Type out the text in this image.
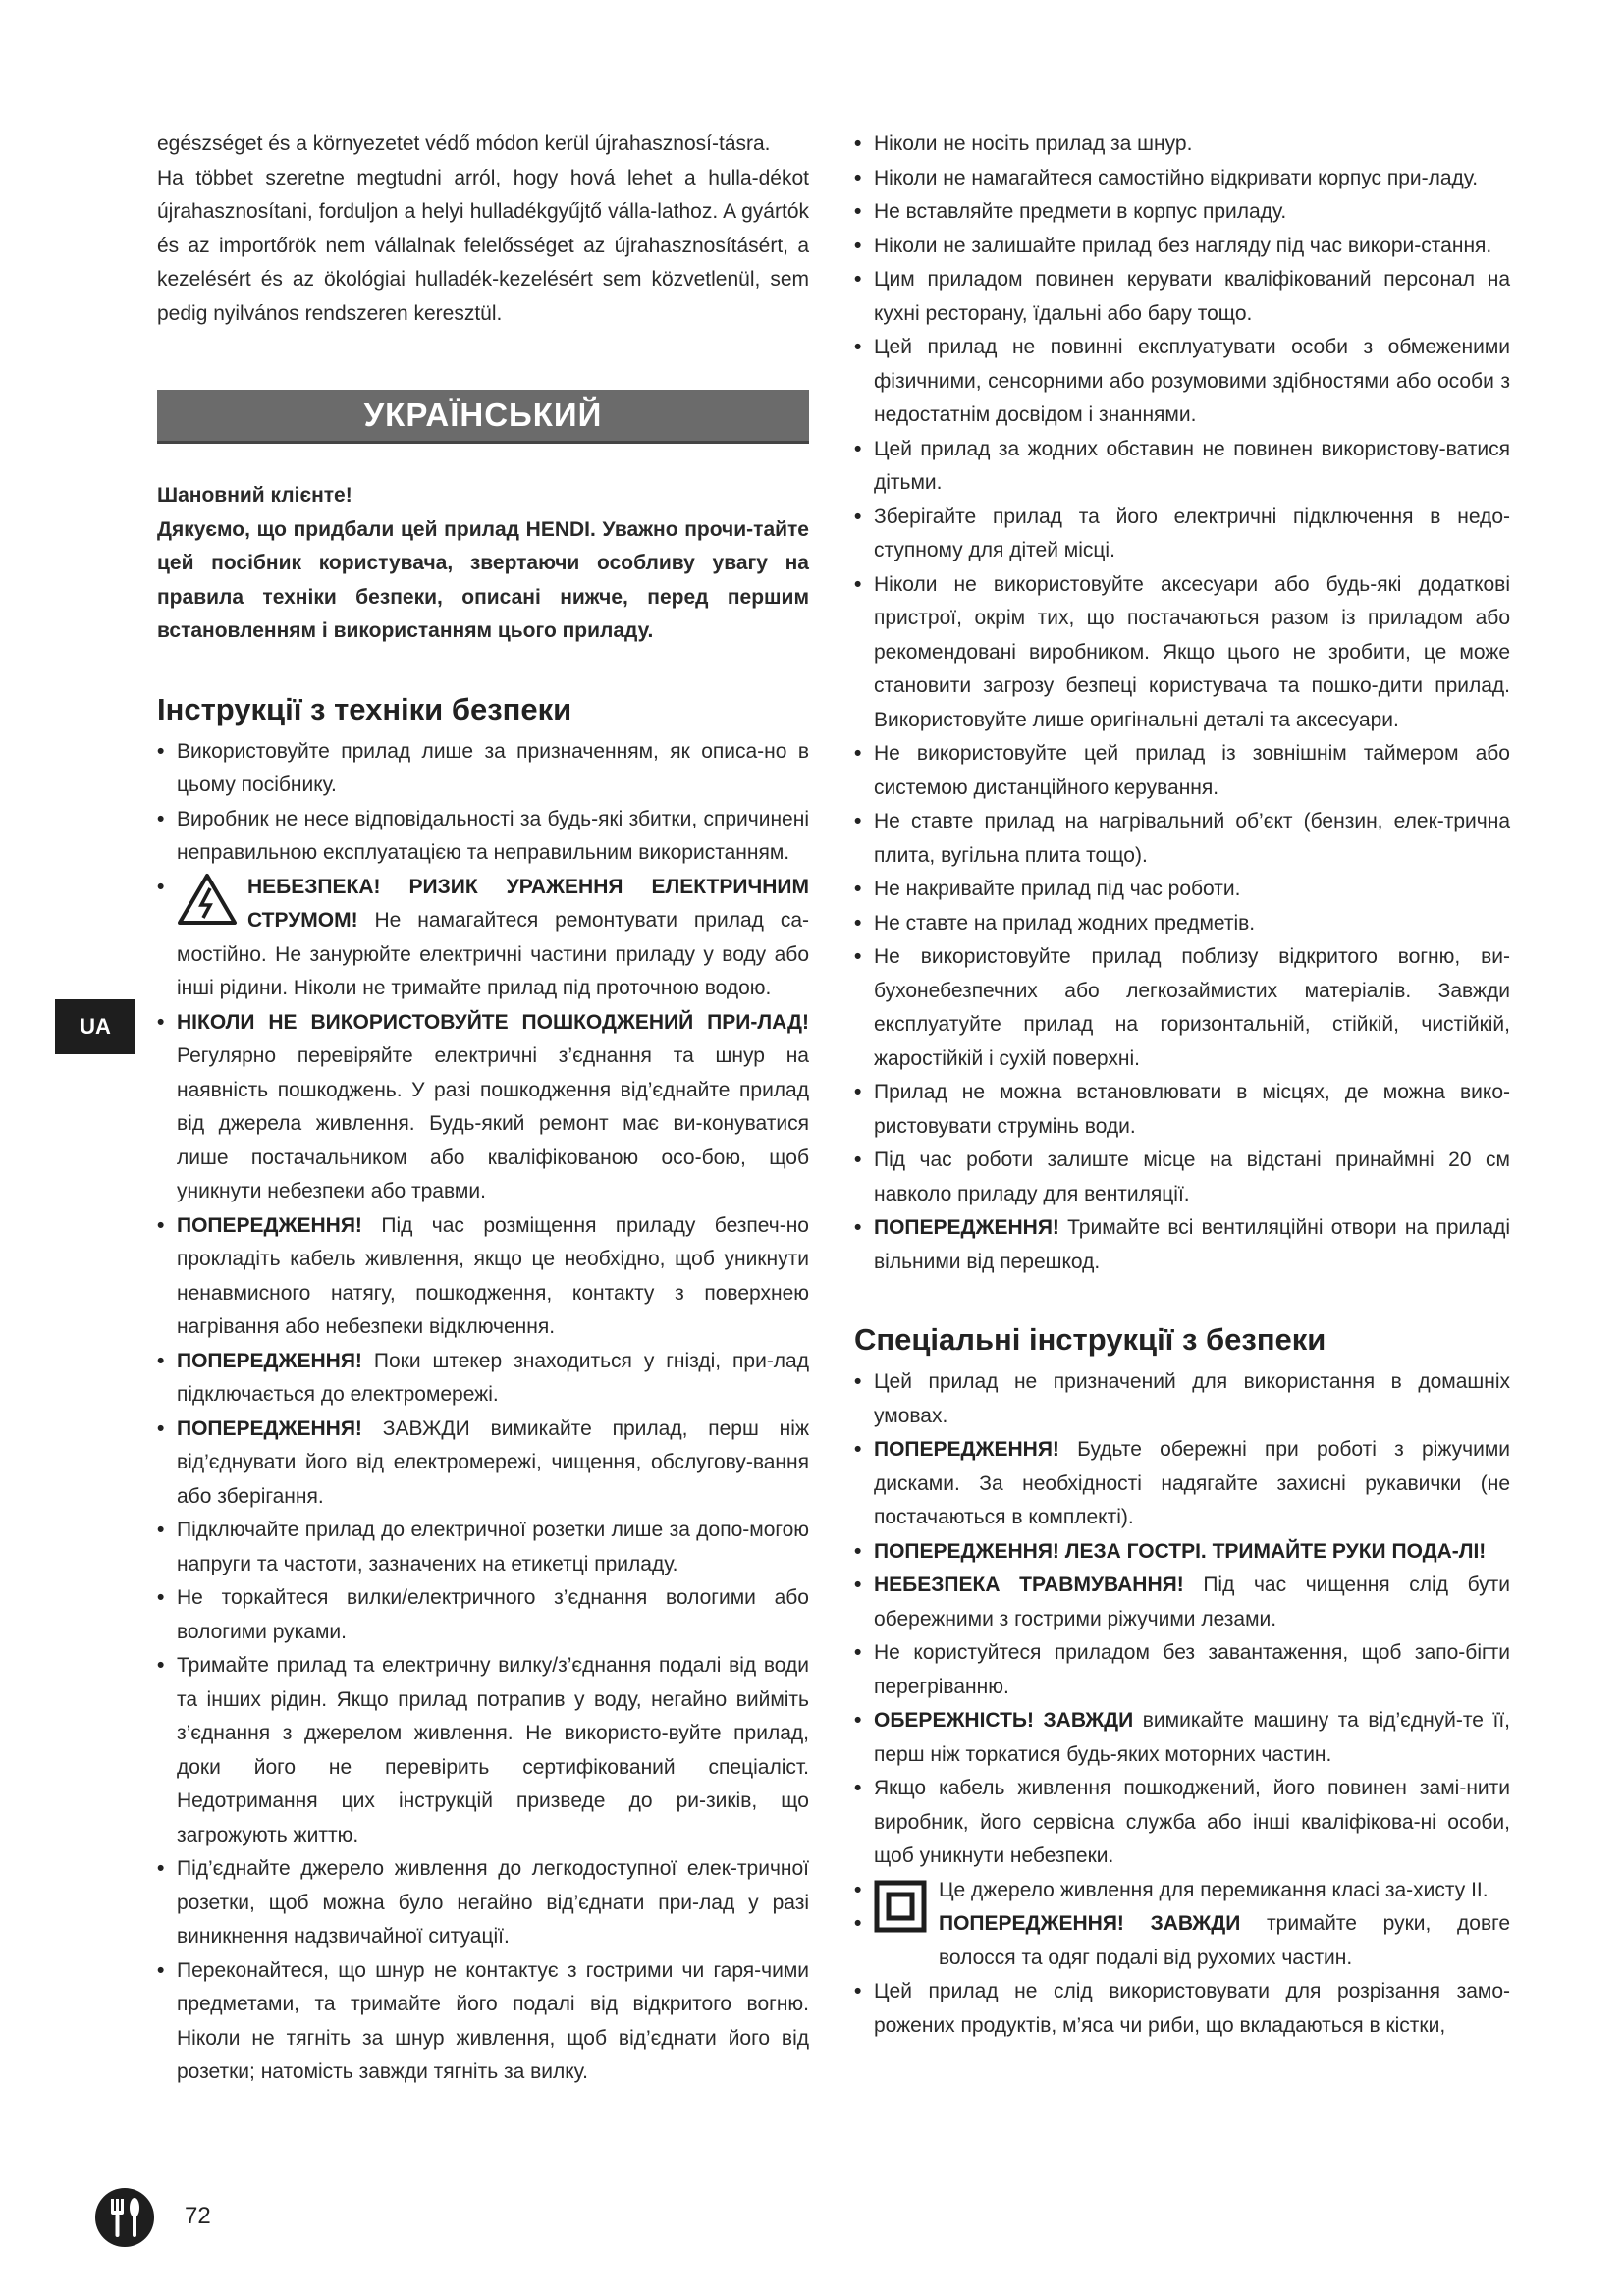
egészséget és a környezetet védő módon kerül újrahasznosí-tásra.

Ha többet szeretne megtudni arról, hogy hová lehet a hulla-dékot újrahasznosítani, forduljon a helyi hulladékgyűjtő válla-lathoz. A gyártók és az importőrök nem vállalnak felelősséget az újrahasznosításért, a kezelésért és az ökológiai hulladék-kezelésért sem közvetlenül, sem pedig nyilvános rendszeren keresztül.

УКРАЇНСЬКИЙ

Шановний клієнте!

Дякуємо, що придбали цей прилад HENDI. Уважно прочи-тайте цей посібник користувача, звертаючи особливу увагу на правила техніки безпеки, описані нижче, перед першим встановленням і використанням цього приладу.

Інструкції з техніки безпеки
• Використовуйте прилад лише за призначенням, як описа-но в цьому посібнику.
• Виробник не несе відповідальності за будь-які збитки, спричинені неправильною експлуатацією та неправильним використанням.
• НЕБЕЗПЕКА! РИЗИК УРАЖЕННЯ ЕЛЕКТРИЧНИМ СТРУМОМ! Не намагайтеся ремонтувати прилад са-мостійно. Не занурюйте електричні частини приладу у воду або інші рідини. Ніколи не тримайте прилад під проточною водою.
• НІКОЛИ НЕ ВИКОРИСТОВУЙТЕ ПОШКОДЖЕНИЙ ПРИ-ЛАД! Регулярно перевіряйте електричні з’єднання та шнур на наявність пошкоджень. У разі пошкодження від’єднайте прилад від джерела живлення. Будь-який ремонт має ви-конуватися лише постачальником або кваліфікованою осо-бою, щоб уникнути небезпеки або травми.
• ПОПЕРЕДЖЕННЯ! Під час розміщення приладу безпеч-но прокладіть кабель живлення, якщо це необхідно, щоб уникнути ненавмисного натягу, пошкодження, контакту з поверхнею нагрівання або небезпеки відключення.
• ПОПЕРЕДЖЕННЯ! Поки штекер знаходиться у гнізді, при-лад підключається до електромережі.
• ПОПЕРЕДЖЕННЯ! ЗАВЖДИ вимикайте прилад, перш ніж від’єднувати його від електромережі, чищення, обслугову-вання або зберігання.
• Підключайте прилад до електричної розетки лише за допо-могою напруги та частоти, зазначених на етикетці приладу.
• Не торкайтеся вилки/електричного з’єднання вологими або вологими руками.
• Тримайте прилад та електричну вилку/з’єднання подалі від води та інших рідин. Якщо прилад потрапив у воду, негайно вийміть з’єднання з джерелом живлення. Не використо-вуйте прилад, доки його не перевірить сертифікований спеціаліст. Недотримання цих інструкцій призведе до ри-зиків, що загрожують життю.
• Під’єднайте джерело живлення до легкодоступної елек-тричної розетки, щоб можна було негайно від’єднати при-лад у разі виникнення надзвичайної ситуації.
• Переконайтеся, що шнур не контактує з гострими чи гаря-чими предметами, та тримайте його подалі від відкритого вогню. Ніколи не тягніть за шнур живлення, щоб від’єднати його від розетки; натомість завжди тягніть за вилку.
• Ніколи не носіть прилад за шнур.
• Ніколи не намагайтеся самостійно відкривати корпус при-ладу.
• Не вставляйте предмети в корпус приладу.
• Ніколи не залишайте прилад без нагляду під час викори-стання.
• Цим приладом повинен керувати кваліфікований персонал на кухні ресторану, їдальні або бару тощо.
• Цей прилад не повинні експлуатувати особи з обмеженими фізичними, сенсорними або розумовими здібностями або особи з недостатнім досвідом і знаннями.
• Цей прилад за жодних обставин не повинен використову-ватися дітьми.
• Зберігайте прилад та його електричні підключення в недо-ступному для дітей місці.
• Ніколи не використовуйте аксесуари або будь-які додаткові пристрої, окрім тих, що постачаються разом із приладом або рекомендовані виробником. Якщо цього не зробити, це може становити загрозу безпеці користувача та пошко-дити прилад. Використовуйте лише оригінальні деталі та аксесуари.
• Не використовуйте цей прилад із зовнішнім таймером або системою дистанційного керування.
• Не ставте прилад на нагрівальний об’єкт (бензин, елек-трична плита, вугільна плита тощо).
• Не накривайте прилад під час роботи.
• Не ставте на прилад жодних предметів.
• Не використовуйте прилад поблизу відкритого вогню, ви-бухонебезпечних або легкозаймистих матеріалів. Завжди експлуатуйте прилад на горизонтальній, стійкій, чистійкій, жаростійкій і сухій поверхні.
• Прилад не можна встановлювати в місцях, де можна вико-ристовувати струмінь води.
• Під час роботи залиште місце на відстані принаймні 20 см навколо приладу для вентиляції.
• ПОПЕРЕДЖЕННЯ! Тримайте всі вентиляційні отвори на приладі вільними від перешкод.
Спеціальні інструкції з безпеки
• Цей прилад не призначений для використання в домашніх умовах.
• ПОПЕРЕДЖЕННЯ! Будьте обережні при роботі з ріжучими дисками. За необхідності надягайте захисні рукавички (не постачаються в комплекті).
• ПОПЕРЕДЖЕННЯ! ЛЕЗА ГОСТРІ. ТРИМАЙТЕ РУКИ ПОДА-ЛІ!
• НЕБЕЗПЕКА ТРАВМУВАННЯ! Під час чищення слід бути обережними з гострими ріжучими лезами.
• Не користуйтеся приладом без завантаження, щоб запо-бігти перегріванню.
• ОБЕРЕЖНІСТЬ! ЗАВЖДИ вимикайте машину та від’єднуй-те її, перш ніж торкатися будь-яких моторних частин.
• Якщо кабель живлення пошкоджений, його повинен замі-нити виробник, його сервісна служба або інші кваліфікова-ні особи, щоб уникнути небезпеки.
• Це джерело живлення для перемикання класі за-хисту II.
• ПОПЕРЕДЖЕННЯ! ЗАВЖДИ тримайте руки, довге волосся та одяг подалі від рухомих частин.
• Цей прилад не слід використовувати для розрізання замо-рожених продуктів, м’яса чи риби, що вкладаються в кістки,
UA
72
